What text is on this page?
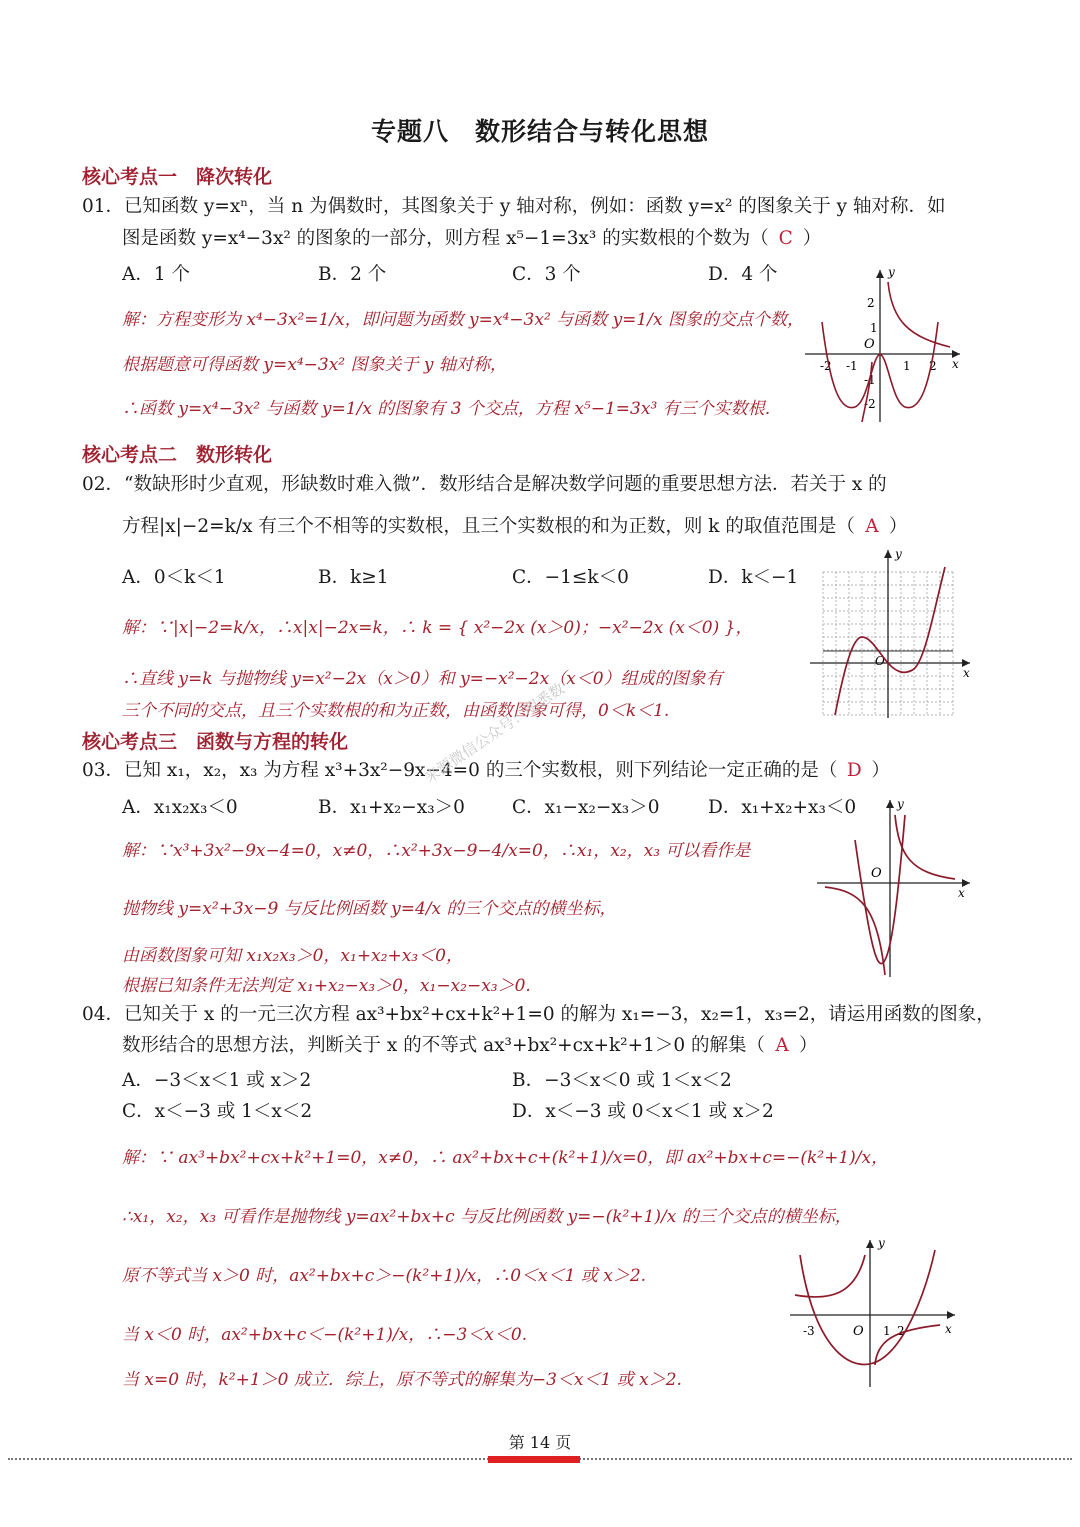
专题八　数形结合与转化思想
核心考点一　降次转化
01．已知函数 y=xⁿ，当 n 为偶数时，其图象关于 y 轴对称，例如：函数 y=x² 的图象关于 y 轴对称．如
图是函数 y=x⁴−3x² 的图象的一部分，则方程 x⁵−1=3x³ 的实数根的个数为（ C ）
A．1 个	B．2 个	C．3 个	D．4 个
解：方程变形为 x⁴−3x²=1/x，即问题为函数 y=x⁴−3x² 与函数 y=1/x 图象的交点个数，
根据题意可得函数 y=x⁴−3x² 图象关于 y 轴对称，
∴函数 y=x⁴−3x² 与函数 y=1/x 的图象有 3 个交点，方程 x⁵−1=3x³ 有三个实数根．
x
y
O
-2 -1	1 2
2
1
-1
-2
核心考点二　数形转化
02．“数缺形时少直观，形缺数时难入微”．数形结合是解决数学问题的重要思想方法．若关于 x 的
方程|x|−2=k/x 有三个不相等的实数根，且三个实数根的和为正数，则 k 的取值范围是（ A ）
A．0＜k＜1	B．k≥1	C．−1≤k＜0	D．k＜−1
解：∵|x|−2=k/x，∴x|x|−2x=k，∴ k = { x²−2x (x＞0)；−x²−2x (x＜0) }，
∴直线 y=k 与抛物线 y=x²−2x（x＞0）和 y=−x²−2x（x＜0）组成的图象有
三个不同的交点，且三个实数根的和为正数，由函数图象可得，0＜k＜1.
x
y
O
核心考点三　函数与方程的转化
03．已知 x₁，x₂，x₃ 为方程 x³+3x²−9x−4=0 的三个实数根，则下列结论一定正确的是（ D ）
A．x₁x₂x₃＜0	B．x₁+x₂−x₃＞0	C．x₁−x₂−x₃＞0	D．x₁+x₂+x₃＜0
解：∵x³+3x²−9x−4=0，x≠0，∴x²+3x−9−4/x=0，∴x₁，x₂，x₃ 可以看作是
抛物线 y=x²+3x−9 与反比例函数 y=4/x 的三个交点的横坐标，
由函数图象可知 x₁x₂x₃＞0，x₁+x₂+x₃＜0，
根据已知条件无法判定 x₁+x₂−x₃＞0，x₁−x₂−x₃＞0.
x
y
O
04．已知关于 x 的一元三次方程 ax³+bx²+cx+k²+1=0 的解为 x₁=−3，x₂=1，x₃=2，请运用函数的图象，
数形结合的思想方法，判断关于 x 的不等式 ax³+bx²+cx+k²+1＞0 的解集（ A ）
A．−3＜x＜1 或 x＞2	B．−3＜x＜0 或 1＜x＜2
C．x＜−3 或 1＜x＜2	D．x＜−3 或 0＜x＜1 或 x＞2
解：∵ ax³+bx²+cx+k²+1=0，x≠0，∴ ax²+bx+c+(k²+1)/x=0，即 ax²+bx+c=−(k²+1)/x，
∴x₁，x₂，x₃ 可看作是抛物线 y=ax²+bx+c 与反比例函数 y=−(k²+1)/x 的三个交点的横坐标，
原不等式当 x＞0 时，ax²+bx+c＞−(k²+1)/x，∴0＜x＜1 或 x＞2.
当 x＜0 时，ax²+bx+c＜−(k²+1)/x，∴−3＜x＜0.
当 x=0 时，k²+1＞0 成立．综上，原不等式的解集为−3＜x＜1 或 x＞2.
x
y
O
-3	1 2
来源微信公众号：明悉数
第 14 页
